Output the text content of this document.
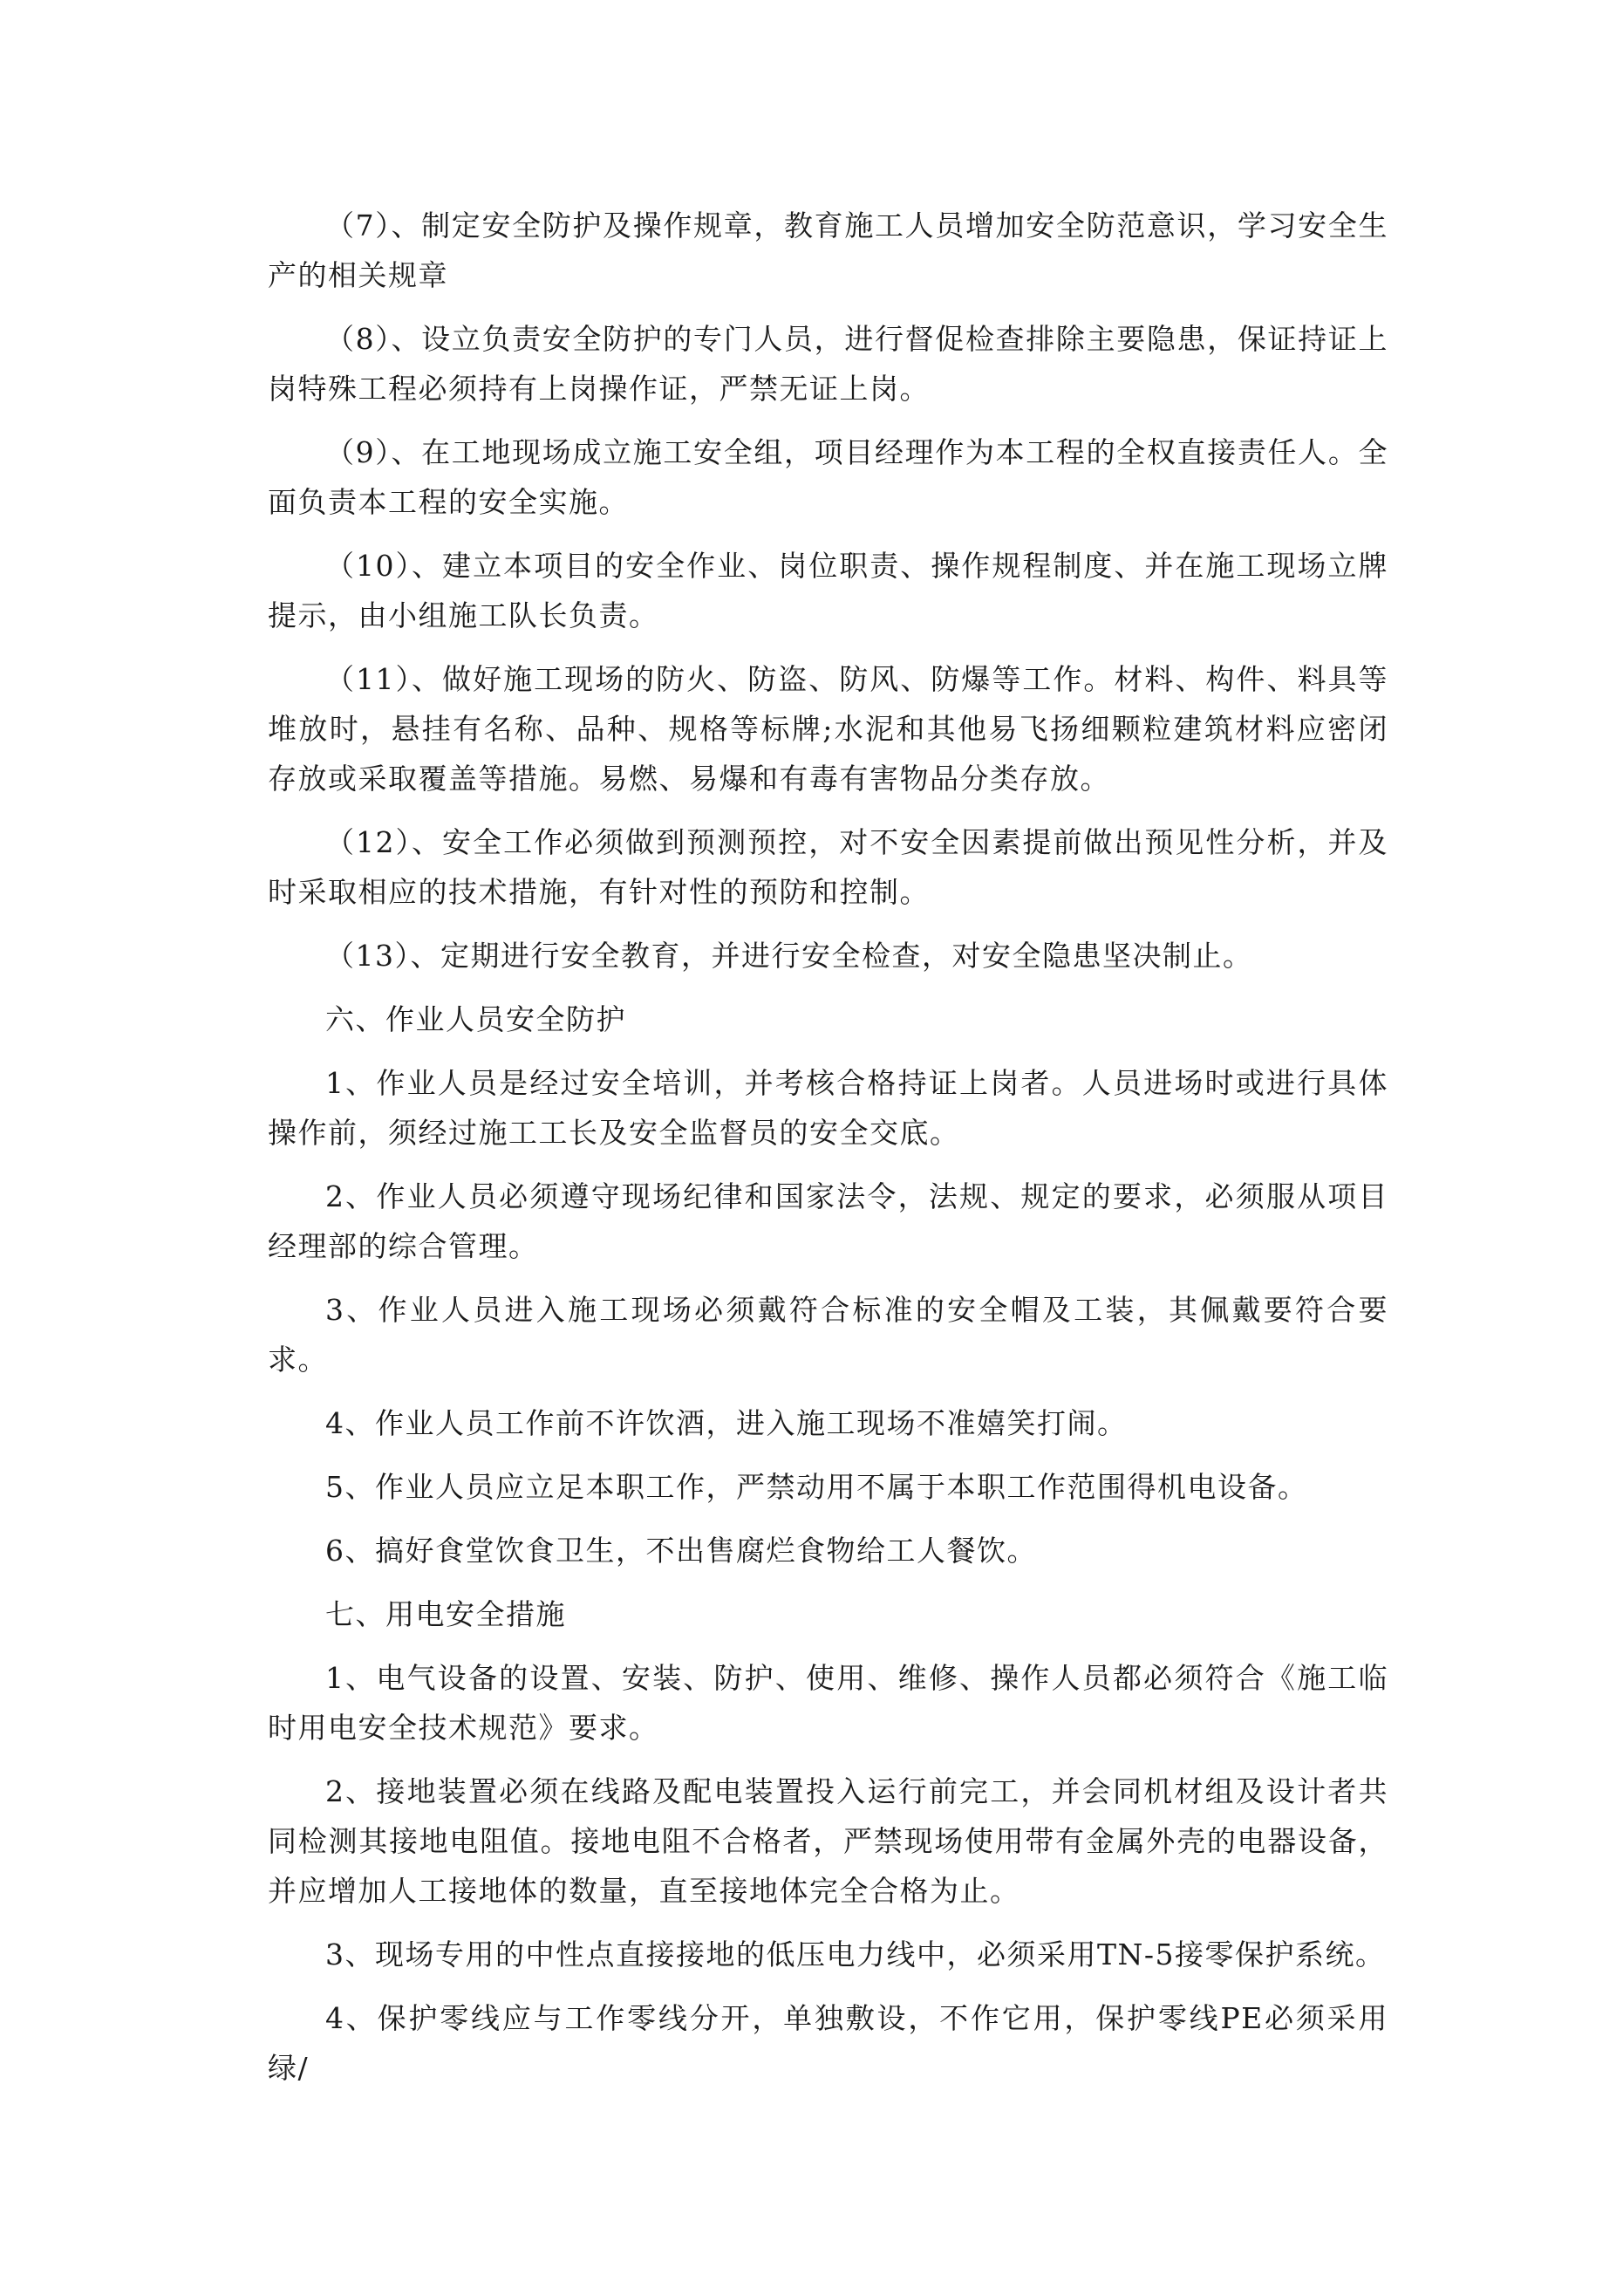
（7）、制定安全防护及操作规章，教育施工人员增加安全防范意识，学习安全生产的相关规章

（8）、设立负责安全防护的专门人员，进行督促检查排除主要隐患，保证持证上岗特殊工程必须持有上岗操作证，严禁无证上岗。

（9）、在工地现场成立施工安全组，项目经理作为本工程的全权直接责任人。全面负责本工程的安全实施。

（10）、建立本项目的安全作业、岗位职责、操作规程制度、并在施工现场立牌提示，由小组施工队长负责。

（11）、做好施工现场的防火、防盗、防风、防爆等工作。材料、构件、料具等堆放时，悬挂有名称、品种、规格等标牌;水泥和其他易飞扬细颗粒建筑材料应密闭存放或采取覆盖等措施。易燃、易爆和有毒有害物品分类存放。

（12）、安全工作必须做到预测预控，对不安全因素提前做出预见性分析，并及时采取相应的技术措施，有针对性的预防和控制。

（13）、定期进行安全教育，并进行安全检查，对安全隐患坚决制止。

六、作业人员安全防护

1、作业人员是经过安全培训，并考核合格持证上岗者。人员进场时或进行具体操作前，须经过施工工长及安全监督员的安全交底。

2、作业人员必须遵守现场纪律和国家法令，法规、规定的要求，必须服从项目经理部的综合管理。

3、作业人员进入施工现场必须戴符合标准的安全帽及工装，其佩戴要符合要求。

4、作业人员工作前不许饮酒，进入施工现场不准嬉笑打闹。

5、作业人员应立足本职工作，严禁动用不属于本职工作范围得机电设备。

6、搞好食堂饮食卫生，不出售腐烂食物给工人餐饮。

七、用电安全措施

1、电气设备的设置、安装、防护、使用、维修、操作人员都必须符合《施工临时用电安全技术规范》要求。

2、接地装置必须在线路及配电装置投入运行前完工，并会同机材组及设计者共同检测其接地电阻值。接地电阻不合格者，严禁现场使用带有金属外壳的电器设备，并应增加人工接地体的数量，直至接地体完全合格为止。

3、现场专用的中性点直接接地的低压电力线中，必须采用TN-5接零保护系统。

4、保护零线应与工作零线分开，单独敷设，不作它用，保护零线PE必须采用绿/
